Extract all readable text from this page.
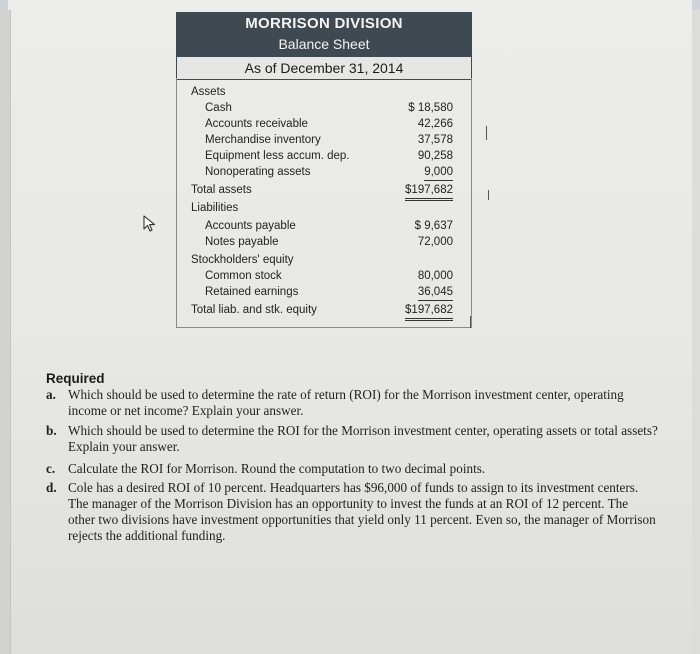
MORRISON DIVISION
Balance Sheet
As of December 31, 2014
Assets
Cash	$ 18,580
Accounts receivable	42,266
Merchandise inventory	37,578
Equipment less accum. dep.	90,258
Nonoperating assets	9,000
Total assets	$197,682
Liabilities
Accounts payable	$ 9,637
Notes payable	72,000
Stockholders' equity
Common stock	80,000
Retained earnings	36,045
Total liab. and stk. equity	$197,682
Required
a. Which should be used to determine the rate of return (ROI) for the Morrison investment center, operating income or net income? Explain your answer.
b. Which should be used to determine the ROI for the Morrison investment center, operating assets or total assets? Explain your answer.
c. Calculate the ROI for Morrison. Round the computation to two decimal points.
d. Cole has a desired ROI of 10 percent. Headquarters has $96,000 of funds to assign to its investment centers. The manager of the Morrison Division has an opportunity to invest the funds at an ROI of 12 percent. The other two divisions have investment opportunities that yield only 11 percent. Even so, the manager of Morrison rejects the additional funding.
